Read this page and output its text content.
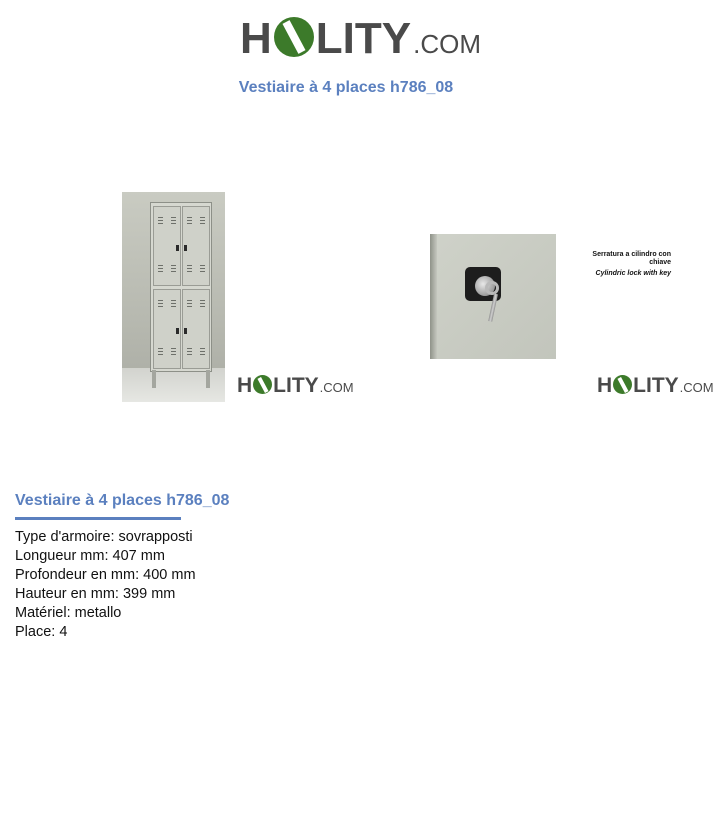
H LITY .COM
Vestiaire à 4 places h786_08
H LITY .COM
Serratura a cilindro con chiave
Cylindric lock with key
H LITY .COM
Vestiaire à 4 places h786_08
Type d'armoire: sovrapposti
Longueur mm: 407 mm
Profondeur en mm: 400 mm
Hauteur en mm: 399 mm
Matériel: metallo
Place: 4
